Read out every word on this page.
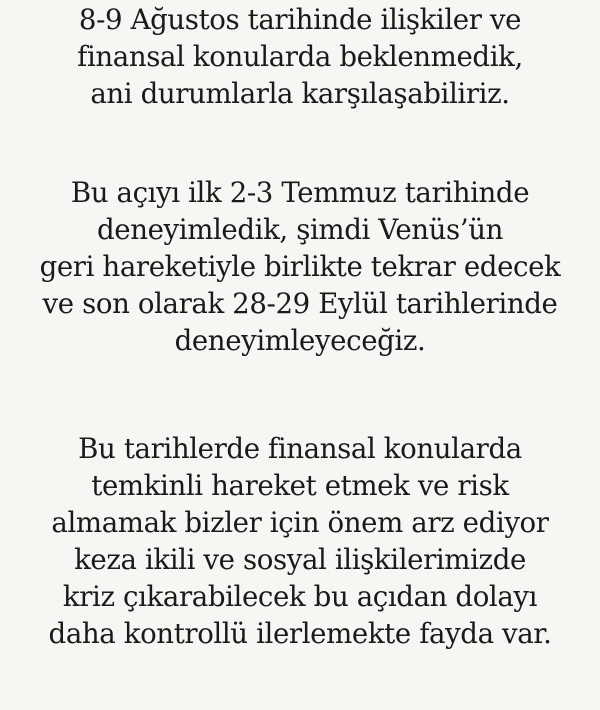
8-9 Ağustos tarihinde ilişkiler ve
finansal konularda beklenmedik,
ani durumlarla karşılaşabiliriz.

Bu açıyı ilk 2-3 Temmuz tarihinde
deneyimledik, şimdi Venüs’ün
geri hareketiyle birlikte tekrar edecek
ve son olarak 28-29 Eylül tarihlerinde
deneyimleyeceğiz.

Bu tarihlerde finansal konularda
temkinli hareket etmek ve risk
almamak bizler için önem arz ediyor
keza ikili ve sosyal ilişkilerimizde
kriz çıkarabilecek bu açıdan dolayı
daha kontrollü ilerlemekte fayda var.
